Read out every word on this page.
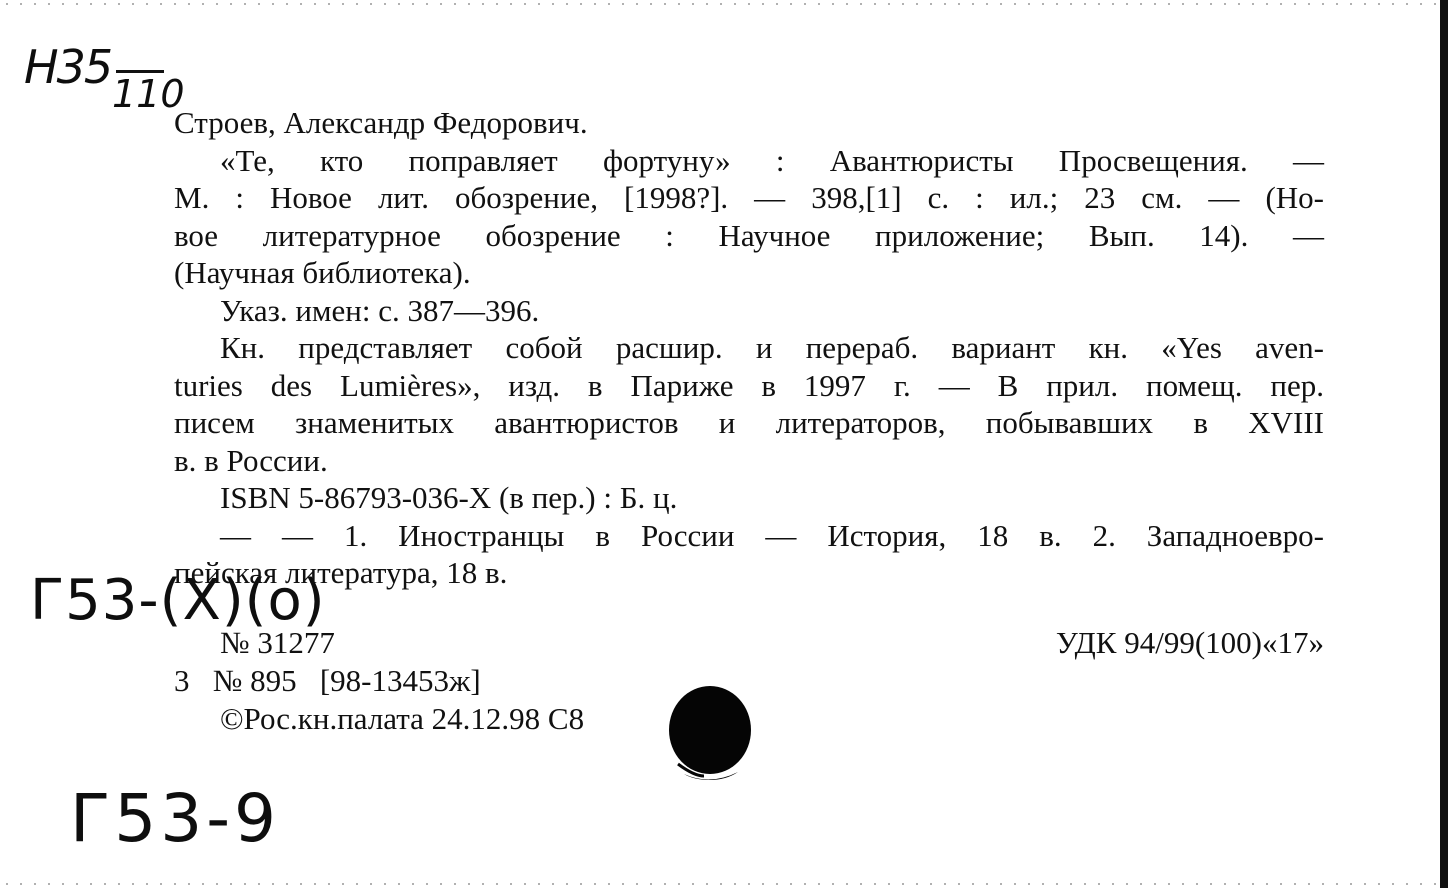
Н35 110
Г53-(Х)(о)
Г53-9
Строев, Александр Федорович.
«Те, кто поправляет фортуну» : Авантюристы Просвещения. —
М. : Новое лит. обозрение, [1998?]. — 398,[1] с. : ил.; 23 см. — (Но-
вое литературное обозрение : Научное приложение; Вып. 14). —
(Научная библиотека).
Указ. имен: с. 387—396.
Кн. представляет собой расшир. и перераб. вариант кн. «Yes aven-
turies des Lumières», изд. в Париже в 1997 г. — В прил. помещ. пер.
писем знаменитых авантюристов и литераторов, побывавших в XVIII
в. в России.
ISBN 5-86793-036-X (в пер.) : Б. ц.
— — 1. Иностранцы в России — История, 18 в. 2. Западноевро-
пейская литература, 18 в.
№ 31277	УДК 94/99(100)«17»
3   № 895   [98-13453ж]
©Рос.кн.палата 24.12.98 С8
